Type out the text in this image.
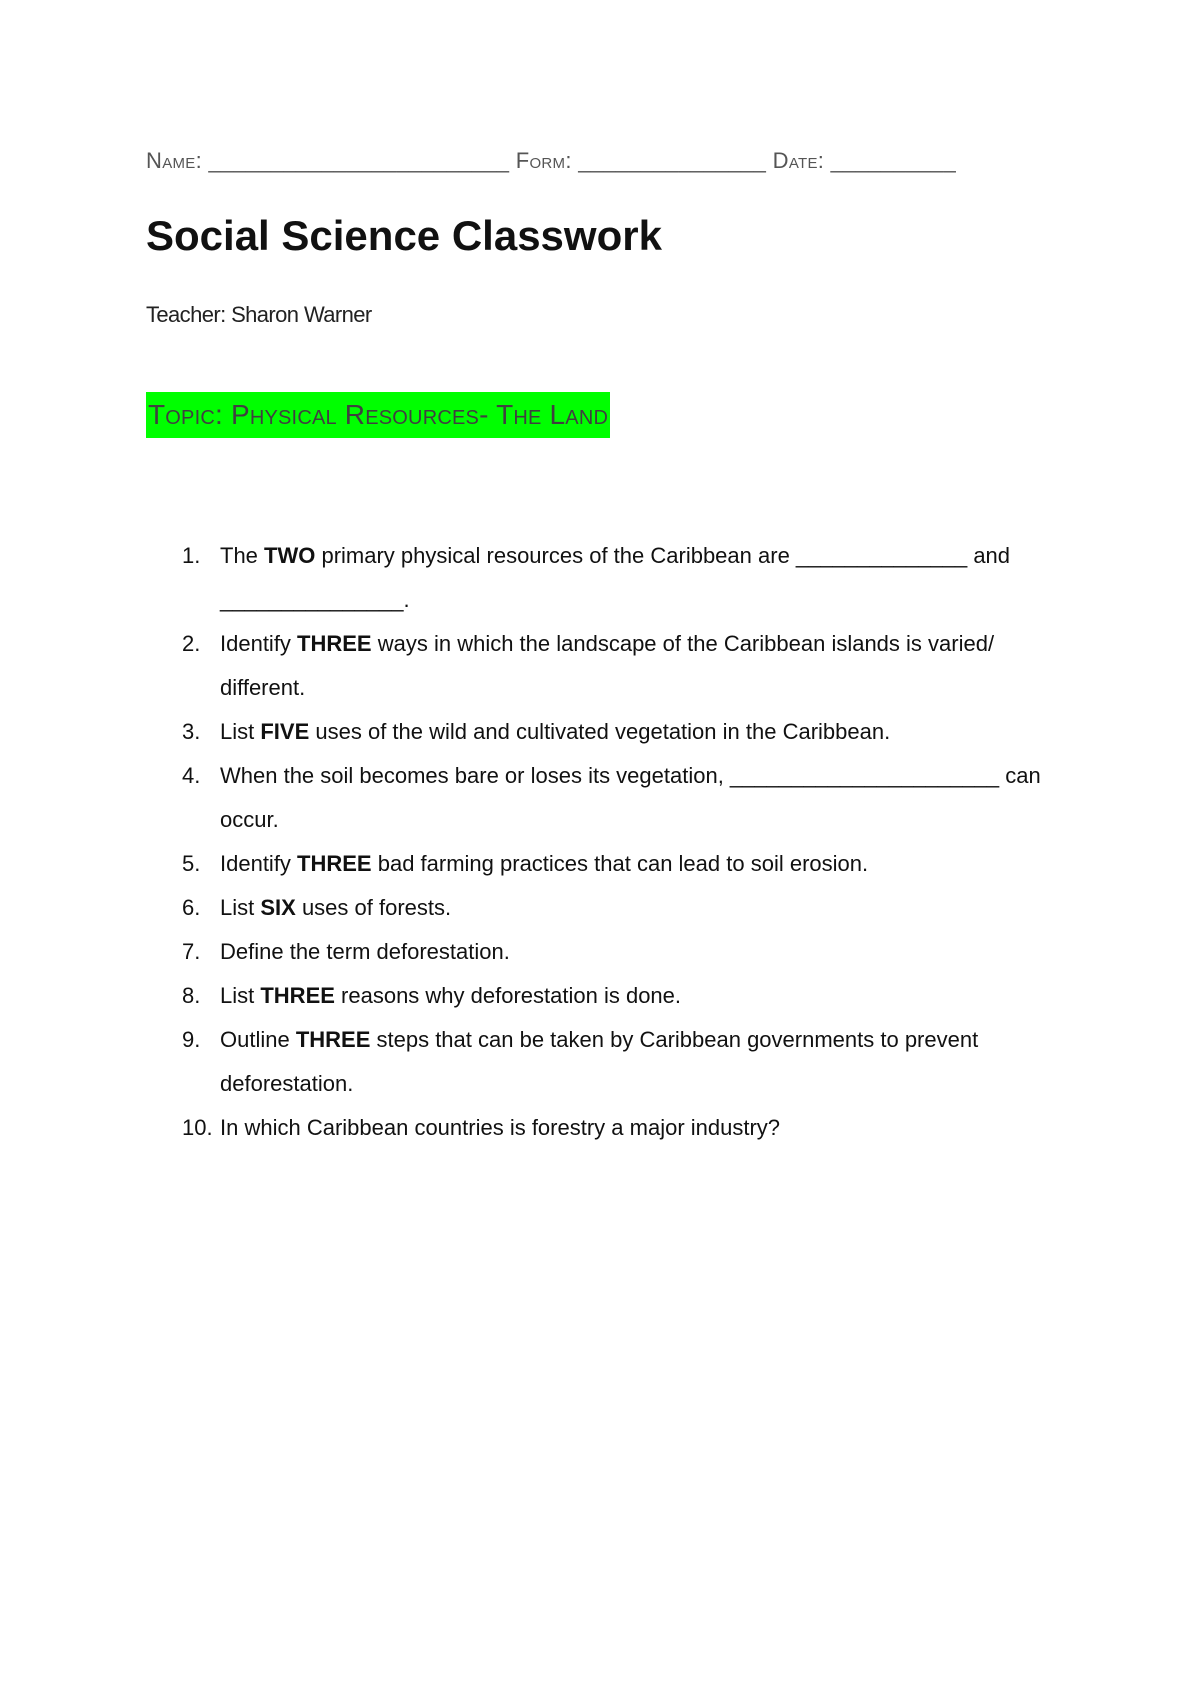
Name: ________________________ Form: _______________ Date: __________
Social Science Classwork
Teacher: Sharon Warner
Topic: Physical Resources- The Land
1. The TWO primary physical resources of the Caribbean are ______________ and _______________.
2. Identify THREE ways in which the landscape of the Caribbean islands is varied/ different.
3. List FIVE uses of the wild and cultivated vegetation in the Caribbean.
4. When the soil becomes bare or loses its vegetation, ______________________ can occur.
5. Identify THREE bad farming practices that can lead to soil erosion.
6. List SIX uses of forests.
7. Define the term deforestation.
8. List THREE reasons why deforestation is done.
9. Outline THREE steps that can be taken by Caribbean governments to prevent deforestation.
10. In which Caribbean countries is forestry a major industry?
